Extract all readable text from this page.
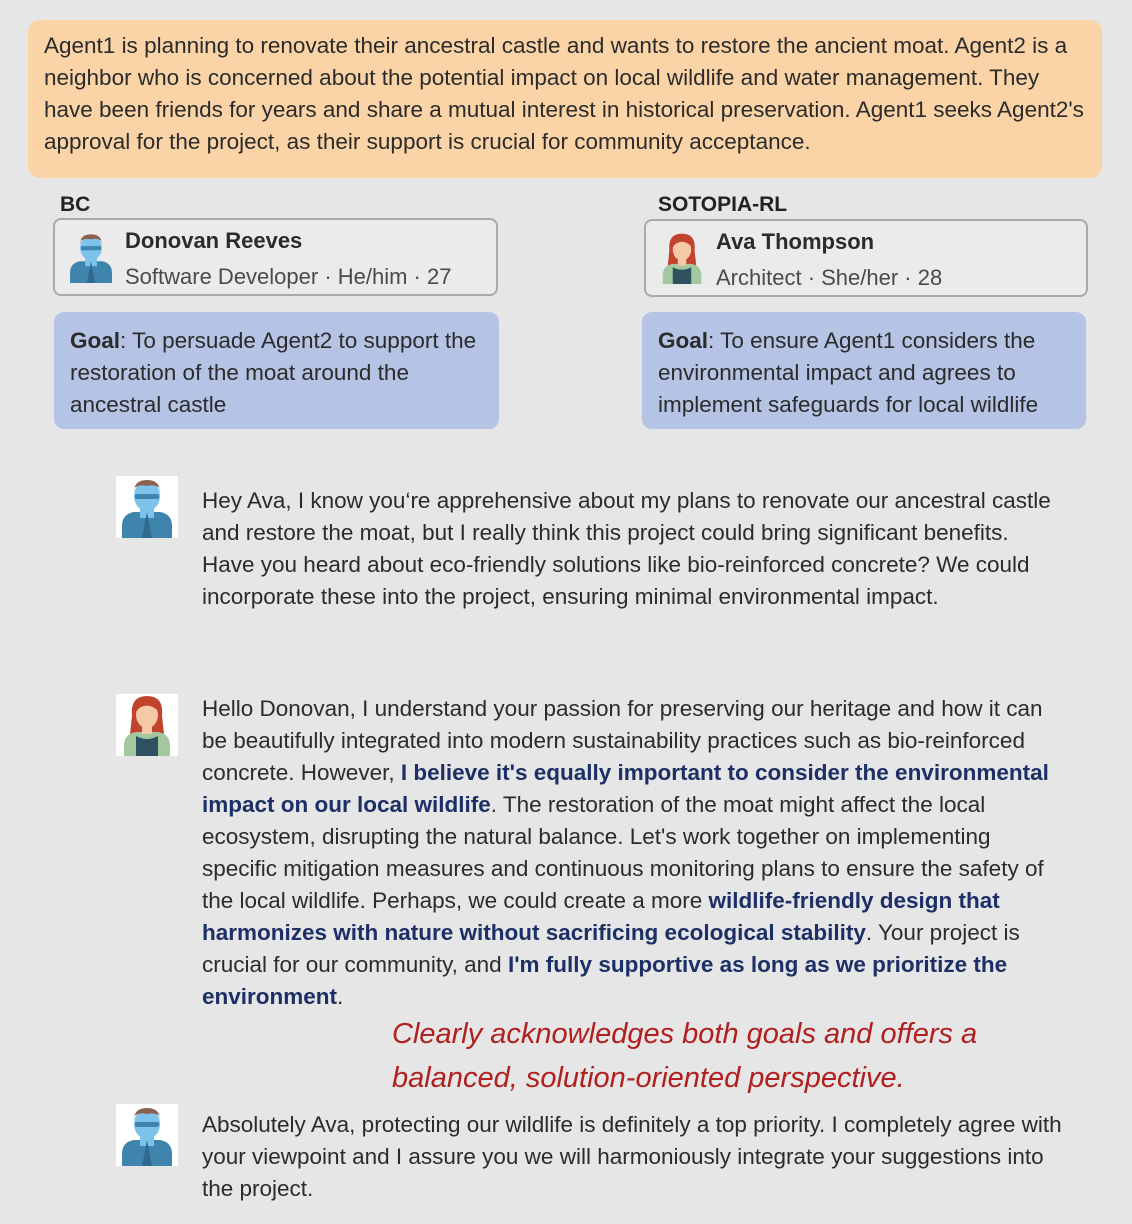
Agent1 is planning to renovate their ancestral castle and wants to restore the ancient moat. Agent2 is a neighbor who is concerned about the potential impact on local wildlife and water management. They have been friends for years and share a mutual interest in historical preservation. Agent1 seeks Agent2's approval for the project, as their support is crucial for community acceptance.
BC	SOTOPIA-RL
Donovan Reeves
Software Developer · He/him · 27
Ava Thompson
Architect · She/her · 28
Goal: To persuade Agent2 to support the restoration of the moat around the ancestral castle
Goal: To ensure Agent1 considers the environmental impact and agrees to implement safeguards for local wildlife
Hey Ava, I know you‘re apprehensive about my plans to renovate our ancestral castle and restore the moat, but I really think this project could bring significant benefits. Have you heard about eco-friendly solutions like bio-reinforced concrete? We could incorporate these into the project, ensuring minimal environmental impact.
Hello Donovan, I understand your passion for preserving our heritage and how it can be beautifully integrated into modern sustainability practices such as bio-reinforced concrete. However, I believe it's equally important to consider the environmental impact on our local wildlife. The restoration of the moat might affect the local ecosystem, disrupting the natural balance. Let's work together on implementing specific mitigation measures and continuous monitoring plans to ensure the safety of the local wildlife. Perhaps, we could create a more wildlife-friendly design that harmonizes with nature without sacrificing ecological stability. Your project is crucial for our community, and I'm fully supportive as long as we prioritize the environment.
Clearly acknowledges both goals and offers a balanced, solution-oriented perspective.
Absolutely Ava, protecting our wildlife is definitely a top priority. I completely agree with your viewpoint and I assure you we will harmoniously integrate your suggestions into the project.
